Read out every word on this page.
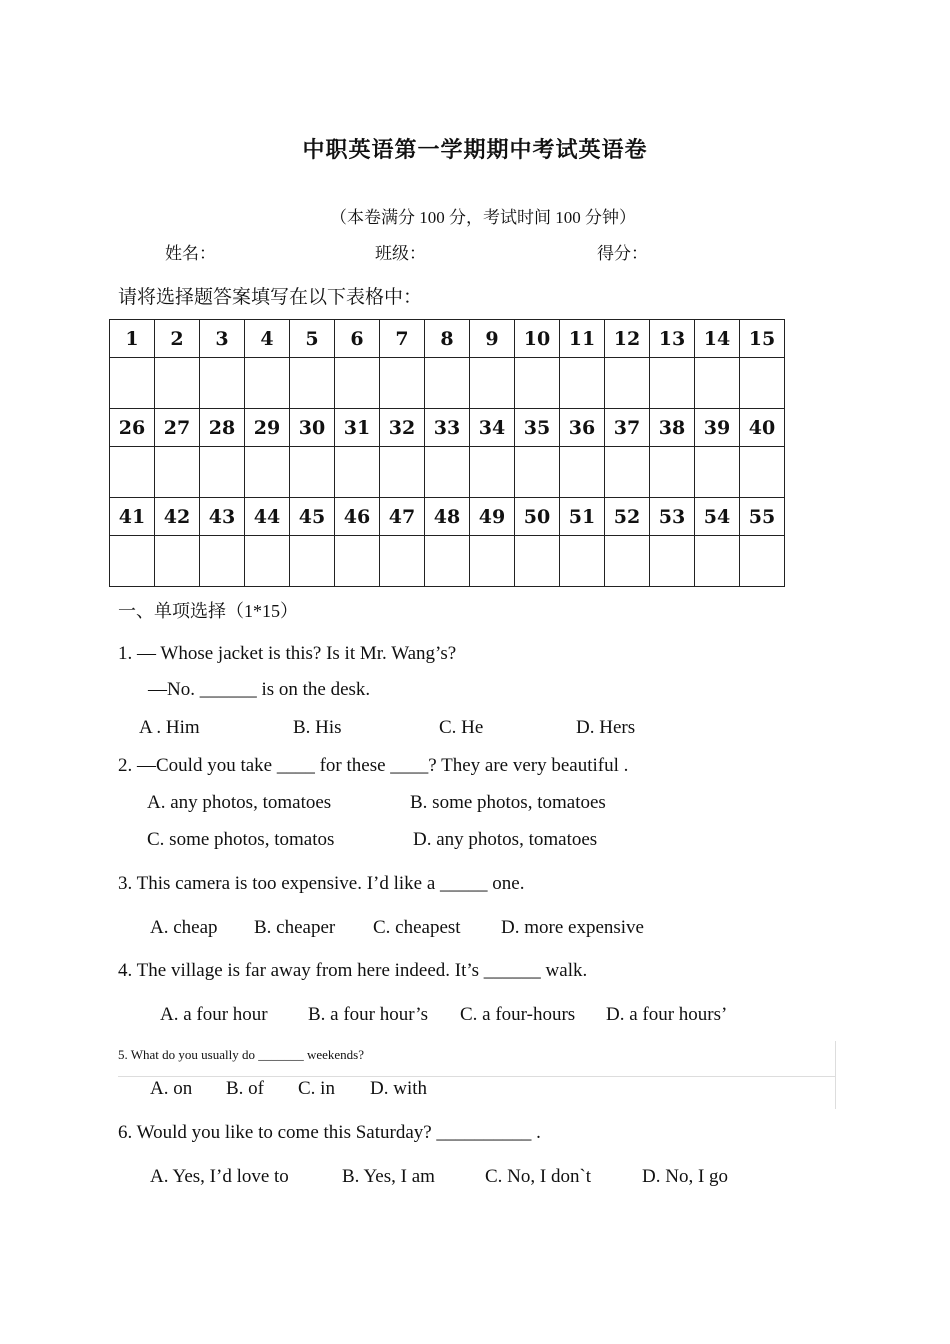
中职英语第一学期期中考试英语卷
（本卷满分 100 分，考试时间 100 分钟）
姓名：	班级：	得分：
请将选择题答案填写在以下表格中：
1	2	3	4	5	6	7	8	9	10	11	12	13	14	15

26	27	28	29	30	31	32	33	34	35	36	37	38	39	40

41	42	43	44	45	46	47	48	49	50	51	52	53	54	55

一、单项选择（1*15）
1. — Whose jacket is this? Is it Mr. Wang’s?
—No. ______ is on the desk.
A . Him	B. His	C. He	D. Hers
2. —Could you take ____ for these ____? They are very beautiful .
A. any photos, tomatoes	B. some photos, tomatoes
C. some photos, tomatos	D. any photos, tomatoes
3. This camera is too expensive. I’d like a _____ one.
A. cheap B. cheaper C. cheapest D. more expensive
4. The village is far away from here indeed. It’s ______ walk.
A. a four hour B. a four hour’s C. a four-hours D. a four hours’
5. What do you usually do _______ weekends?
A. on B. of C. in D. with
6. Would you like to come this Saturday? __________ .
A. Yes, I’d love to	B. Yes, I am	C. No, I don`t	D. No, I go
